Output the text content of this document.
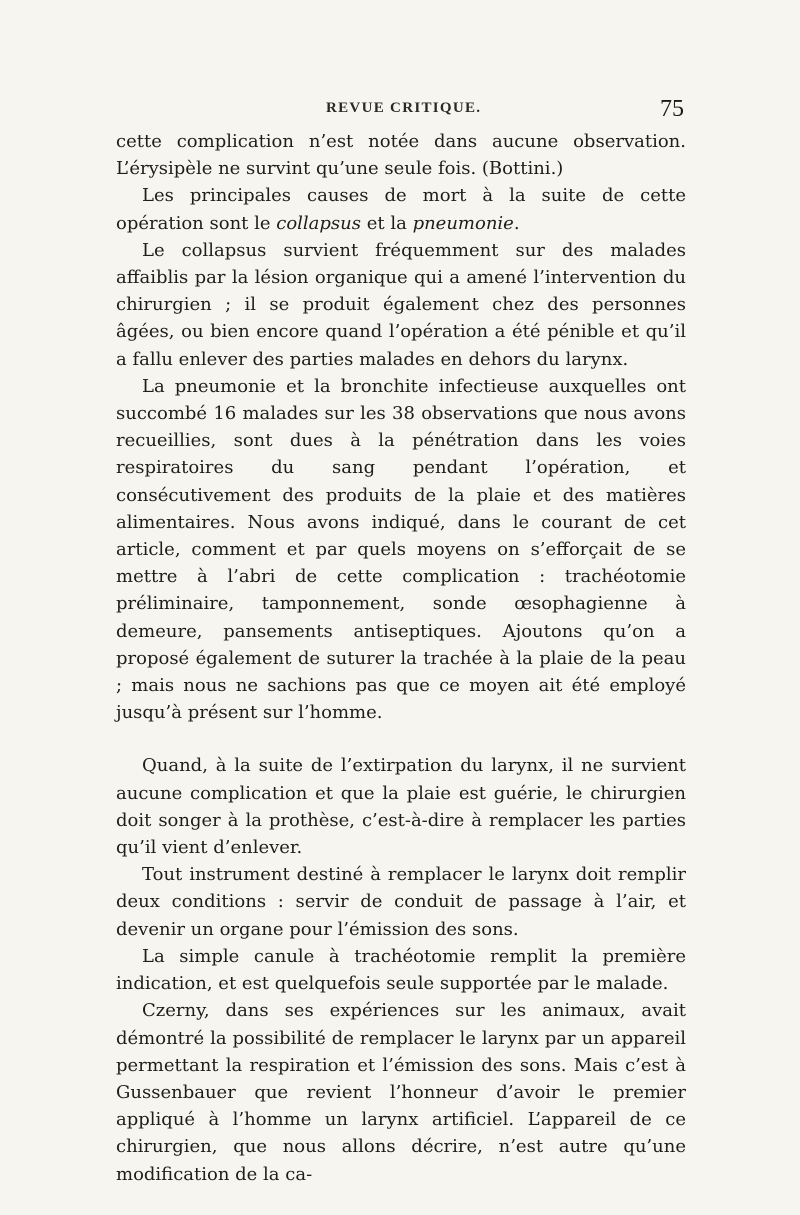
REVUE CRITIQUE.	75

cette complication n’est notée dans aucune observation. L’érysipèle ne survint qu’une seule fois. (Bottini.)

Les principales causes de mort à la suite de cette opération sont le collapsus et la pneumonie.

Le collapsus survient fréquemment sur des malades affaiblis par la lésion organique qui a amené l’intervention du chirurgien ; il se produit également chez des personnes âgées, ou bien encore quand l’opération a été pénible et qu’il a fallu enlever des parties malades en dehors du larynx.

La pneumonie et la bronchite infectieuse auxquelles ont succombé 16 malades sur les 38 observations que nous avons recueillies, sont dues à la pénétration dans les voies respiratoires du sang pendant l’opération, et consécutivement des produits de la plaie et des matières alimentaires. Nous avons indiqué, dans le courant de cet article, comment et par quels moyens on s’efforçait de se mettre à l’abri de cette complication : trachéotomie préliminaire, tamponnement, sonde œsophagienne à demeure, pansements antiseptiques. Ajoutons qu’on a proposé également de suturer la trachée à la plaie de la peau ; mais nous ne sachions pas que ce moyen ait été employé jusqu’à présent sur l’homme.

Quand, à la suite de l’extirpation du larynx, il ne survient aucune complication et que la plaie est guérie, le chirurgien doit songer à la prothèse, c’est-à-dire à remplacer les parties qu’il vient d’enlever.

Tout instrument destiné à remplacer le larynx doit remplir deux conditions : servir de conduit de passage à l’air, et devenir un organe pour l’émission des sons.

La simple canule à trachéotomie remplit la première indication, et est quelquefois seule supportée par le malade.

Czerny, dans ses expériences sur les animaux, avait démontré la possibilité de remplacer le larynx par un appareil permettant la respiration et l’émission des sons. Mais c’est à Gussenbauer que revient l’honneur d’avoir le premier appliqué à l’homme un larynx artificiel. L’appareil de ce chirurgien, que nous allons décrire, n’est autre qu’une modification de la ca-
